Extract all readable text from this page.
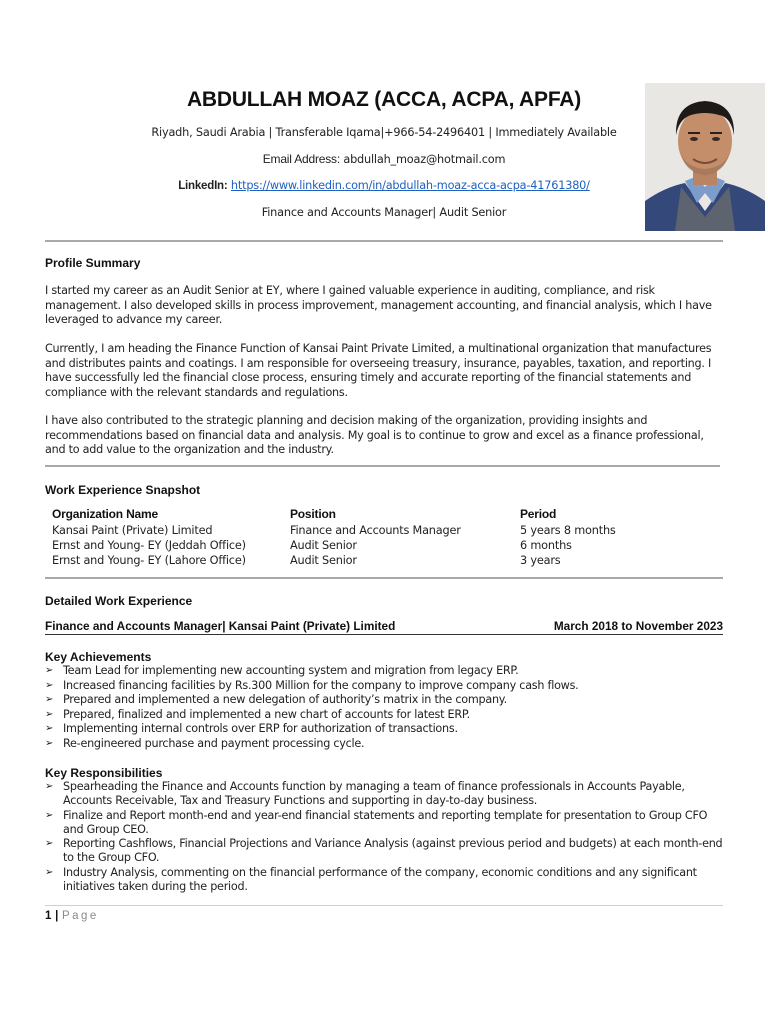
ABDULLAH MOAZ (ACCA, ACPA, APFA)
Riyadh, Saudi Arabia | Transferable Iqama|+966-54-2496401 | Immediately Available
Email Address: abdullah_moaz@hotmail.com
LinkedIn: https://www.linkedin.com/in/abdullah-moaz-acca-acpa-41761380/
Finance and Accounts Manager| Audit Senior
Profile Summary
I started my career as an Audit Senior at EY, where I gained valuable experience in auditing, compliance, and risk management. I also developed skills in process improvement, management accounting, and financial analysis, which I have leveraged to advance my career.
Currently, I am heading the Finance Function of Kansai Paint Private Limited, a multinational organization that manufactures and distributes paints and coatings. I am responsible for overseeing treasury, insurance, payables, taxation, and reporting. I have successfully led the financial close process, ensuring timely and accurate reporting of the financial statements and compliance with the relevant standards and regulations.
I have also contributed to the strategic planning and decision making of the organization, providing insights and recommendations based on financial data and analysis. My goal is to continue to grow and excel as a finance professional, and to add value to the organization and the industry.
Work Experience Snapshot
Organization Name	Position	Period
Kansai Paint (Private) Limited	Finance and Accounts Manager	5 years 8 months
Ernst and Young- EY (Jeddah Office)	Audit Senior	6 months
Ernst and Young- EY (Lahore Office)	Audit Senior	3 years
Detailed Work Experience
Finance and Accounts Manager| Kansai Paint (Private) Limited	March 2018 to November 2023
Key Achievements
➢ Team Lead for implementing new accounting system and migration from legacy ERP.
➢ Increased financing facilities by Rs.300 Million for the company to improve company cash flows.
➢ Prepared and implemented a new delegation of authority’s matrix in the company.
➢ Prepared, finalized and implemented a new chart of accounts for latest ERP.
➢ Implementing internal controls over ERP for authorization of transactions.
➢ Re-engineered purchase and payment processing cycle.
Key Responsibilities
➢ Spearheading the Finance and Accounts function by managing a team of finance professionals in Accounts Payable, Accounts Receivable, Tax and Treasury Functions and supporting in day-to-day business.
➢ Finalize and Report month-end and year-end financial statements and reporting template for presentation to Group CFO and Group CEO.
➢ Reporting Cashflows, Financial Projections and Variance Analysis (against previous period and budgets) at each month-end to the Group CFO.
➢ Industry Analysis, commenting on the financial performance of the company, economic conditions and any significant initiatives taken during the period.
1 | Page
